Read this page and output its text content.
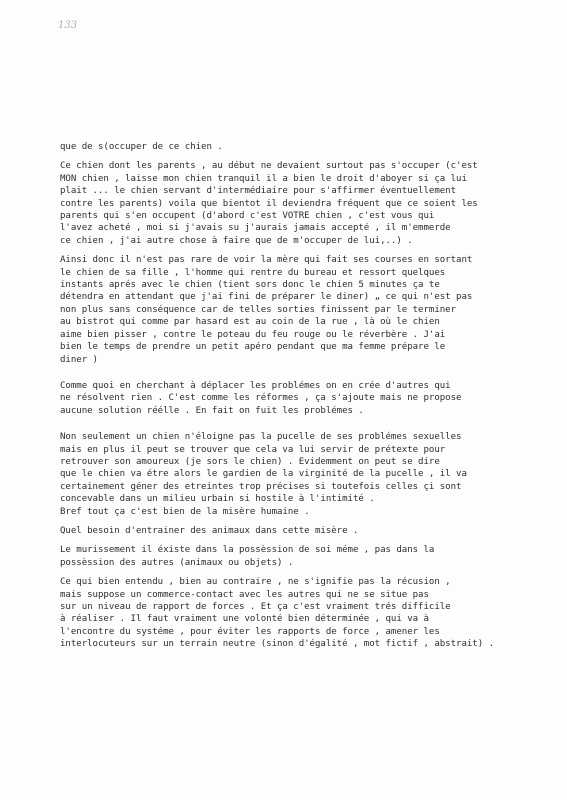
133
que de s(occuper de ce chien .
Ce chien dont les parents , au début ne devaient surtout pas s'occuper (c'est
MON chien , laisse mon chien tranquil il a bien le droit d'aboyer si ça lui
plait ... le chien servant d'intermédiaire pour s'affirmer éventuellement
contre les parents) voila que bientot il deviendra fréquent que ce soient les
parents qui s'en occupent (d'abord c'est VOTRE chien , c'est vous qui
l'avez acheté , moi si j'avais su j'aurais jamais accepté , il m'emmerde
ce chien , j'ai autre chose à faire que de m'occuper de lui,..) .
Ainsi donc il n'est pas rare de voir la mère qui fait ses courses en sortant
le chien de sa fille , l'homme qui rentre du bureau et ressort quelques
instants aprés avec le chien (tient sors donc le chien 5 minutes ça te
détendra en attendant que j'ai fini de préparer le diner) „ ce qui n'est pas
non plus sans conséquence car de telles sorties finissent par le terminer
au bistrot qui comme par hasard est au coin de la rue , là où le chien
aime bien pisser , contre le poteau du feu rouge ou le réverbère . J'ai
bien le temps de prendre un petit apéro pendant que ma femme prépare le
diner )
Comme quoi en cherchant à déplacer les problémes on en crée d'autres qui
ne résolvent rien . C'est comme les réformes , ça s'ajoute mais ne propose
aucune solution réélle . En fait on fuit les problémes .
Non seulement un chien n'éloigne pas la pucelle de ses problémes sexuelles
mais en plus il peut se trouver que cela va lui servir de prétexte pour
retrouver son amoureux (je sors le chien) . Evidemment on peut se dire
que le chien va étre alors le gardien de la virginité de la pucelle , il va
certainement géner des etreintes trop précises si toutefois celles çi sont
concevable dans un milieu urbain si hostile à l'intimité .
Bref tout ça c'est bien de la misère humaine .
Quel besoin d'entrainer des animaux dans cette misère .
Le murissement il éxiste dans la possèssion de soi méme , pas dans la
possèssion des autres (animaux ou objets) .
Ce qui bien entendu , bien au contraire , ne s'ignifie pas la récusion ,
mais suppose un commerce-contact avec les autres qui ne se situe pas
sur un niveau de rapport de forces . Et ça c'est vraiment trés difficile
à réaliser . Il faut vraiment une volonté bien déterminée , qui va à
l'encontre du systéme , pour éviter les rapports de force , amener les
interlocuteurs sur un terrain neutre (sinon d'égalité , mot fictif , abstrait) .
